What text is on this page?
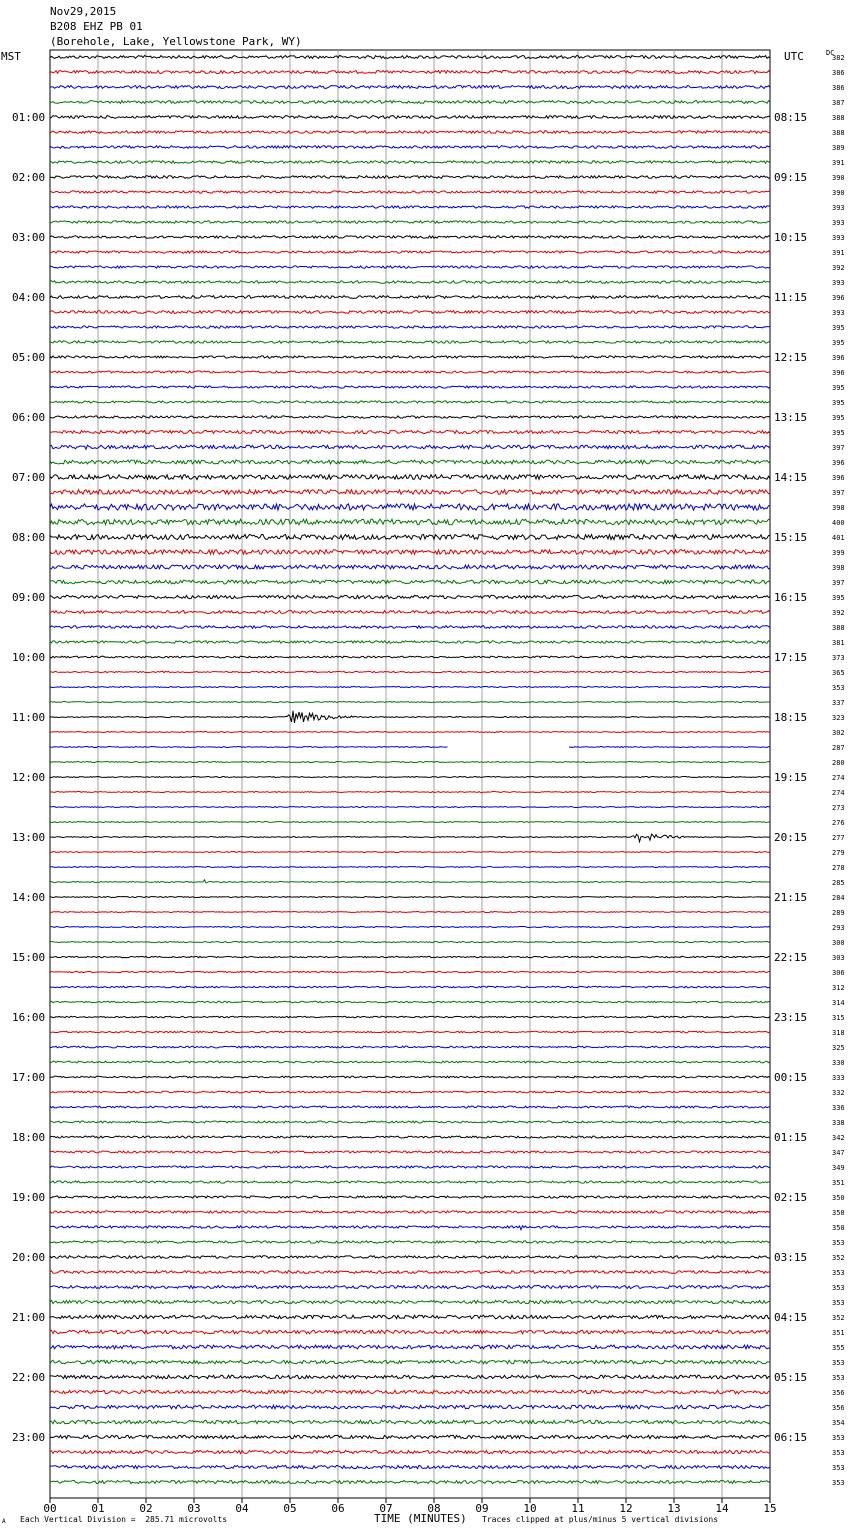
Nov29,2015
B208 EHZ PB 01
(Borehole, Lake, Yellowstone Park, WY)
00	01	02	03	04	05	06	07	08	09	10	11	12	13	14	15
382
386
386
387
388
01:00	08:15
388
389
391
390
02:00	09:15
390
393
393
393
03:00	10:15
391
392
393
396
04:00	11:15
393
395
395
396
05:00	12:15
396
395
395
395
06:00	13:15
395
397
396
396
07:00	14:15
397
398
400
401
08:00	15:15
399
398
397
395
09:00	16:15
392
388
381
373
10:00	17:15
365
353
337
323
11:00	18:15
302
287
280
274
12:00	19:15
274
273
276
277
13:00	20:15
279
278
285
284
14:00	21:15
289
293
300
303
15:00	22:15
306
312
314
315
16:00	23:15
318
325
330
333
17:00	00:15
332
336
338
342
18:00	01:15
347
349
351
350
19:00	02:15
350
350
353
352
20:00	03:15
353
353
353
352
21:00	04:15
351
355
353
353
22:00	05:15
356
356
354
353
23:00	06:15
353
353
353
MST	UTC	DC
Each Vertical Division =  285.71 microvolts	TIME (MINUTES) Traces clipped at plus/minus 5 vertical divisions
A
